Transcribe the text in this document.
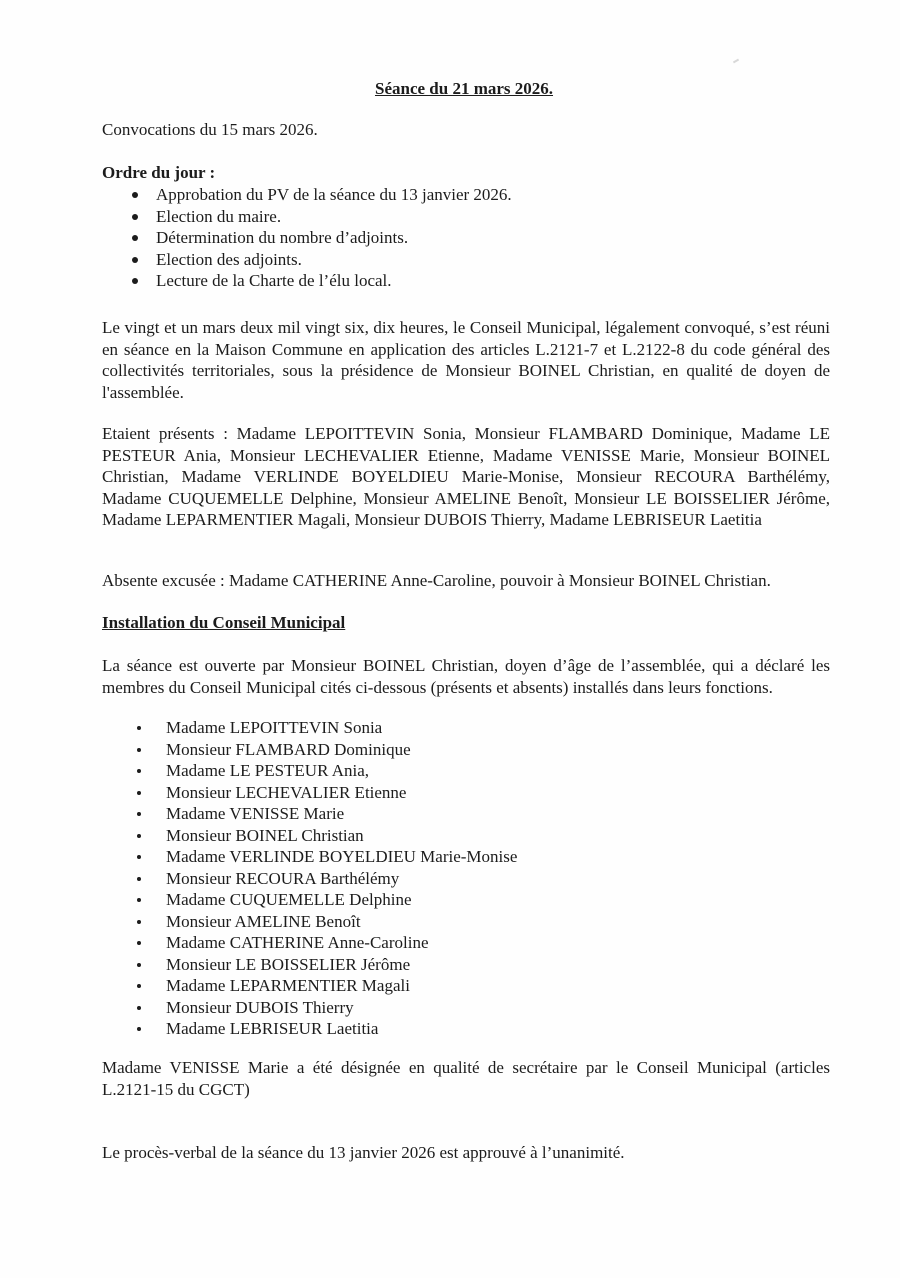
Séance du 21 mars 2026.
Convocations du 15 mars 2026.
Ordre du jour :
Approbation du PV de la séance du 13 janvier 2026.
Election du maire.
Détermination du nombre d’adjoints.
Election des adjoints.
Lecture de la Charte de l’élu local.
Le vingt et un mars deux mil vingt six, dix heures, le Conseil Municipal, légalement convoqué, s’est réuni en séance en la Maison Commune en application des articles L.2121-7 et L.2122-8 du code général des collectivités territoriales, sous la présidence de Monsieur BOINEL Christian, en qualité de doyen de l'assemblée.
Etaient présents : Madame LEPOITTEVIN Sonia, Monsieur FLAMBARD Dominique, Madame LE PESTEUR Ania, Monsieur LECHEVALIER Etienne, Madame VENISSE Marie, Monsieur BOINEL Christian, Madame VERLINDE BOYELDIEU Marie-Monise, Monsieur RECOURA Barthélémy, Madame CUQUEMELLE Delphine, Monsieur AMELINE Benoît, Monsieur LE BOISSELIER Jérôme, Madame LEPARMENTIER Magali, Monsieur DUBOIS Thierry, Madame LEBRISEUR Laetitia
Absente excusée : Madame CATHERINE Anne-Caroline, pouvoir à Monsieur BOINEL Christian.
Installation du Conseil Municipal
La séance est ouverte par Monsieur BOINEL Christian, doyen d’âge de l’assemblée, qui a déclaré les membres du Conseil Municipal cités ci-dessous (présents et absents) installés dans leurs fonctions.
Madame LEPOITTEVIN Sonia
Monsieur FLAMBARD Dominique
Madame LE PESTEUR Ania,
Monsieur LECHEVALIER Etienne
Madame VENISSE Marie
Monsieur BOINEL Christian
Madame VERLINDE BOYELDIEU Marie-Monise
Monsieur RECOURA Barthélémy
Madame CUQUEMELLE Delphine
Monsieur AMELINE Benoît
Madame CATHERINE Anne-Caroline
Monsieur LE BOISSELIER Jérôme
Madame LEPARMENTIER Magali
Monsieur DUBOIS Thierry
Madame LEBRISEUR Laetitia
Madame VENISSE Marie a été désignée en qualité de secrétaire par le Conseil Municipal (articles L.2121-15 du CGCT)
Le procès-verbal de la séance du 13 janvier 2026 est approuvé à l’unanimité.
